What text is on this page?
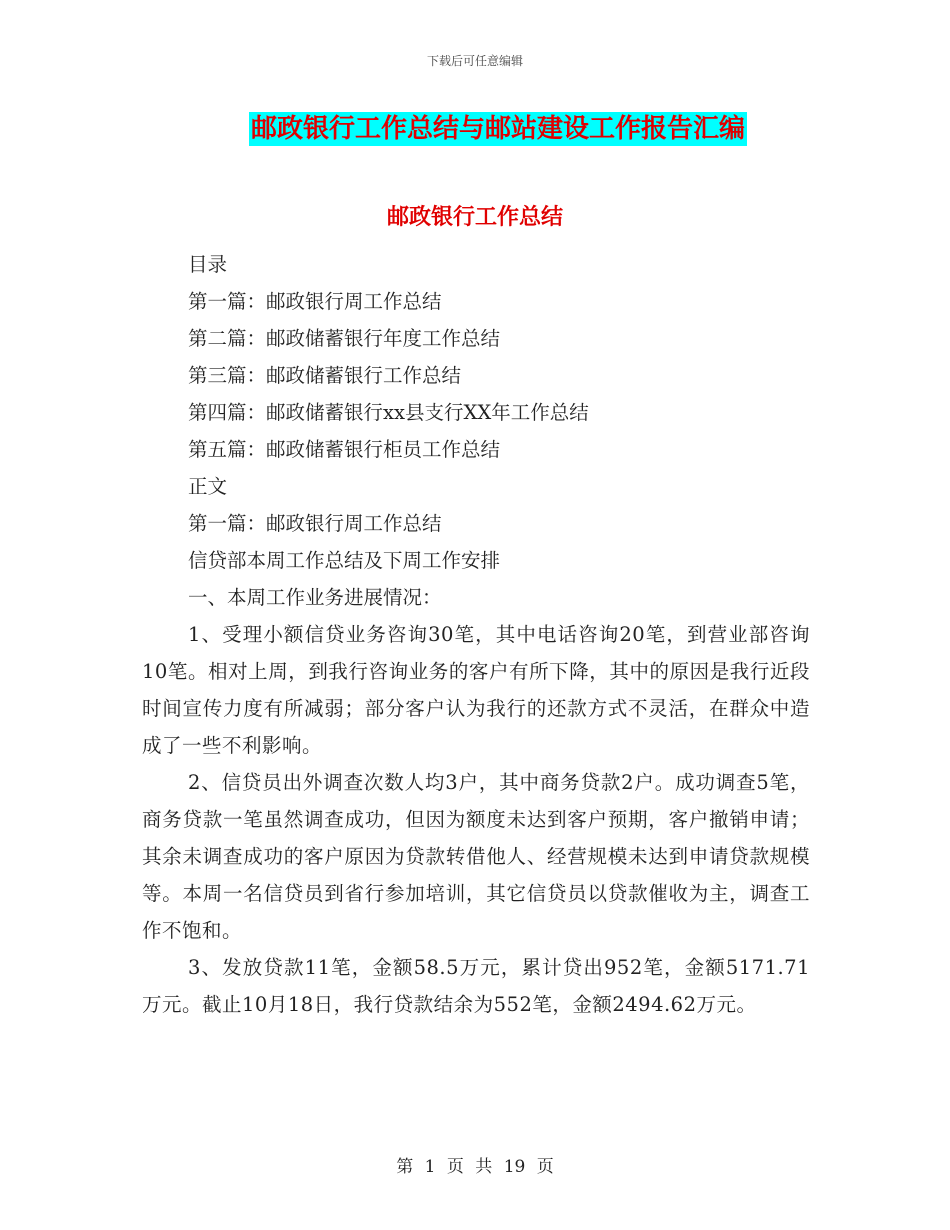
下载后可任意编辑
邮政银行工作总结与邮站建设工作报告汇编
邮政银行工作总结
目录
第一篇：邮政银行周工作总结
第二篇：邮政储蓄银行年度工作总结
第三篇：邮政储蓄银行工作总结
第四篇：邮政储蓄银行xx县支行XX年工作总结
第五篇：邮政储蓄银行柜员工作总结
正文
第一篇：邮政银行周工作总结
信贷部本周工作总结及下周工作安排
一、本周工作业务进展情况：
1、受理小额信贷业务咨询30笔，其中电话咨询20笔，到营业部咨询10笔。相对上周，到我行咨询业务的客户有所下降，其中的原因是我行近段时间宣传力度有所减弱；部分客户认为我行的还款方式不灵活，在群众中造成了一些不利影响。
2、信贷员出外调查次数人均3户，其中商务贷款2户。成功调查5笔，商务贷款一笔虽然调查成功，但因为额度未达到客户预期，客户撤销申请；其余未调查成功的客户原因为贷款转借他人、经营规模未达到申请贷款规模等。本周一名信贷员到省行参加培训，其它信贷员以贷款催收为主，调查工作不饱和。
3、发放贷款11笔，金额58.5万元，累计贷出952笔，金额5171.71万元。截止10月18日，我行贷款结余为552笔，金额2494.62万元。
第 1 页 共 19 页
